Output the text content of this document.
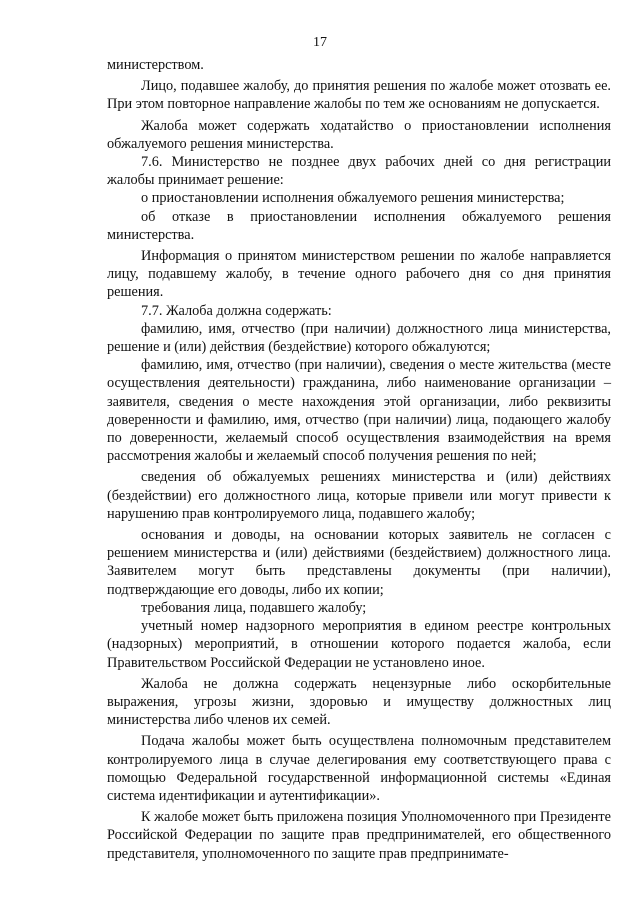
17

министерством.

Лицо, подавшее жалобу, до принятия решения по жалобе может отозвать ее. При этом повторное направление жалобы по тем же основаниям не допускается.

Жалоба может содержать ходатайство о приостановлении исполнения обжалуемого решения министерства.

7.6. Министерство не позднее двух рабочих дней со дня регистрации жалобы принимает решение:

о приостановлении исполнения обжалуемого решения министерства;

об отказе в приостановлении исполнения обжалуемого решения министерства.

Информация о принятом министерством решении по жалобе направляется лицу, подавшему жалобу, в течение одного рабочего дня со дня принятия решения.

7.7. Жалоба должна содержать:

фамилию, имя, отчество (при наличии) должностного лица министерства, решение и (или) действия (бездействие) которого обжалуются;

фамилию, имя, отчество (при наличии), сведения о месте жительства (месте осуществления деятельности) гражданина, либо наименование организации – заявителя, сведения о месте нахождения этой организации, либо реквизиты доверенности и фамилию, имя, отчество (при наличии) лица, подающего жалобу по доверенности, желаемый способ осуществления взаимодействия на время рассмотрения жалобы и желаемый способ получения решения по ней;

сведения об обжалуемых решениях министерства и (или) действиях (бездействии) его должностного лица, которые привели или могут привести к нарушению прав контролируемого лица, подавшего жалобу;

основания и доводы, на основании которых заявитель не согласен с решением министерства и (или) действиями (бездействием) должностного лица. Заявителем могут быть представлены документы (при наличии), подтверждающие его доводы, либо их копии;

требования лица, подавшего жалобу;

учетный номер надзорного мероприятия в едином реестре контрольных (надзорных) мероприятий, в отношении которого подается жалоба, если Правительством Российской Федерации не установлено иное.

Жалоба не должна содержать нецензурные либо оскорбительные выражения, угрозы жизни, здоровью и имуществу должностных лиц министерства либо членов их семей.

Подача жалобы может быть осуществлена полномочным представителем контролируемого лица в случае делегирования ему соответствующего права с помощью Федеральной государственной информационной системы «Единая система идентификации и аутентификации».

К жалобе может быть приложена позиция Уполномоченного при Президенте Российской Федерации по защите прав предпринимателей, его общественного представителя, уполномоченного по защите прав предпринимате-
